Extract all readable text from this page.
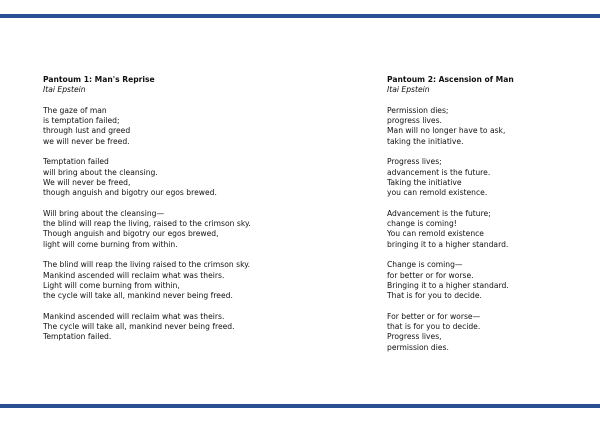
Pantoum 1: Man's Reprise
Itai Epstein
The gaze of man
is temptation failed;
through lust and greed
we will never be freed.
Temptation failed
will bring about the cleansing.
We will never be freed,
though anguish and bigotry our egos brewed.
Will bring about the cleansing—
the blind will reap the living, raised to the crimson sky.
Though anguish and bigotry our egos brewed,
light will come burning from within.
The blind will reap the living raised to the crimson sky.
Mankind ascended will reclaim what was theirs.
Light will come burning from within,
the cycle will take all, mankind never being freed.
Mankind ascended will reclaim what was theirs.
The cycle will take all, mankind never being freed.
Temptation failed.
Pantoum 2: Ascension of Man
Itai Epstein
Permission dies;
progress lives.
Man will no longer have to ask,
taking the initiative.
Progress lives;
advancement is the future.
Taking the initiative
you can remold existence.
Advancement is the future;
change is coming!
You can remold existence
bringing it to a higher standard.
Change is coming—
for better or for worse.
Bringing it to a higher standard.
That is for you to decide.
For better or for worse—
that is for you to decide.
Progress lives,
permission dies.
